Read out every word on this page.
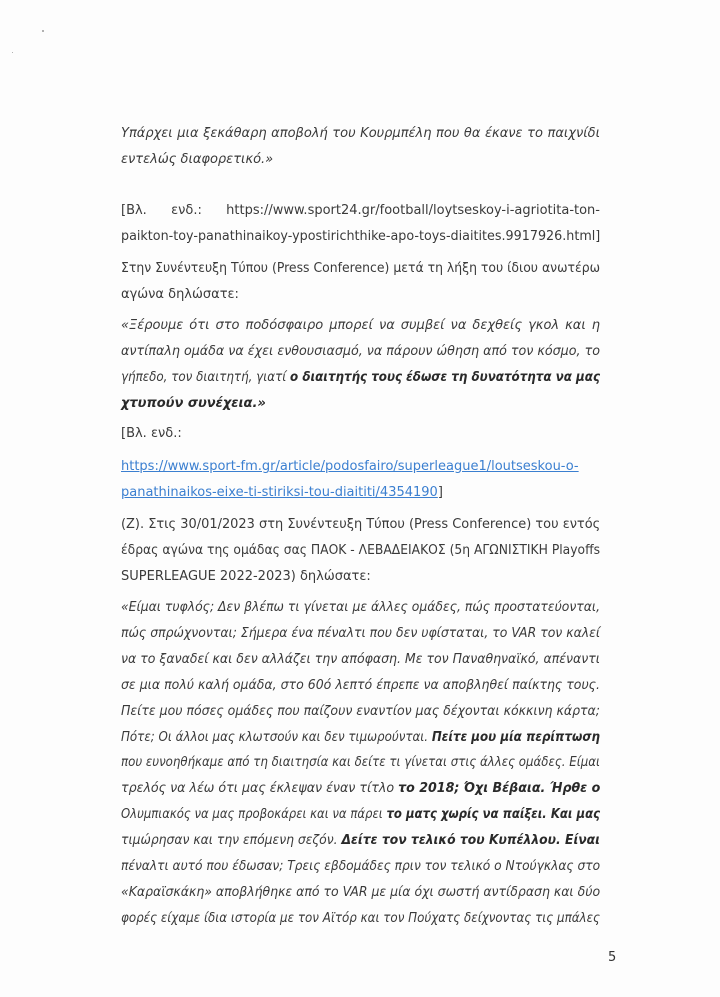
Υπάρχει μια ξεκάθαρη αποβολή του Κουρμπέλη που θα έκανε το παιχνίδι
εντελώς διαφορετικό.»
[Βλ. ενδ.: https://www.sport24.gr/football/loytseskoy-i-agriotita-ton-
paikton-toy-panathinaikoy-ypostirichthike-apo-toys-diaitites.9917926.html]
Στην Συνέντευξη Τύπου (Press Conference) μετά τη λήξη του ίδιου ανωτέρω
αγώνα δηλώσατε:
«Ξέρουμε ότι στο ποδόσφαιρο μπορεί να συμβεί να δεχθείς γκολ και η
αντίπαλη ομάδα να έχει ενθουσιασμό, να πάρουν ώθηση από τον κόσμο, το
γήπεδο, τον διαιτητή, γιατί ο διαιτητής τους έδωσε τη δυνατότητα να μας
χτυπούν συνέχεια.»
[Βλ. ενδ.:
https://www.sport-fm.gr/article/podosfairo/superleague1/loutseskou-o-
panathinaikos-eixe-ti-stiriksi-tou-diaititi/4354190]
(Ζ). Στις 30/01/2023 στη Συνέντευξη Τύπου (Press Conference) του εντός
έδρας αγώνα της ομάδας σας ΠΑΟΚ - ΛΕΒΑΔΕΙΑΚΟΣ (5η ΑΓΩΝΙΣΤΙΚΗ Playoffs
SUPERLEAGUE 2022-2023) δηλώσατε:
«Είμαι τυφλός; Δεν βλέπω τι γίνεται με άλλες ομάδες, πώς προστατεύονται,
πώς σπρώχνονται; Σήμερα ένα πέναλτι που δεν υφίσταται, το VAR τον καλεί
να το ξαναδεί και δεν αλλάζει την απόφαση. Με τον Παναθηναϊκό, απέναντι
σε μια πολύ καλή ομάδα, στο 60ό λεπτό έπρεπε να αποβληθεί παίκτης τους.
Πείτε μου πόσες ομάδες που παίζουν εναντίον μας δέχονται κόκκινη κάρτα;
Πότε; Οι άλλοι μας κλωτσούν και δεν τιμωρούνται. Πείτε μου μία περίπτωση
που ευνοηθήκαμε από τη διαιτησία και δείτε τι γίνεται στις άλλες ομάδες. Είμαι
τρελός να λέω ότι μας έκλεψαν έναν τίτλο το 2018; Όχι Βέβαια. Ήρθε ο
Ολυμπιακός να μας προβοκάρει και να πάρει το ματς χωρίς να παίξει. Και μας
τιμώρησαν και την επόμενη σεζόν. Δείτε τον τελικό του Κυπέλλου. Είναι
πέναλτι αυτό που έδωσαν; Τρεις εβδομάδες πριν τον τελικό ο Ντούγκλας στο
«Καραϊσκάκη» αποβλήθηκε από το VAR με μία όχι σωστή αντίδραση και δύο
φορές είχαμε ίδια ιστορία με τον Αϊτόρ και τον Πούχατς δείχνοντας τις μπάλες
5
